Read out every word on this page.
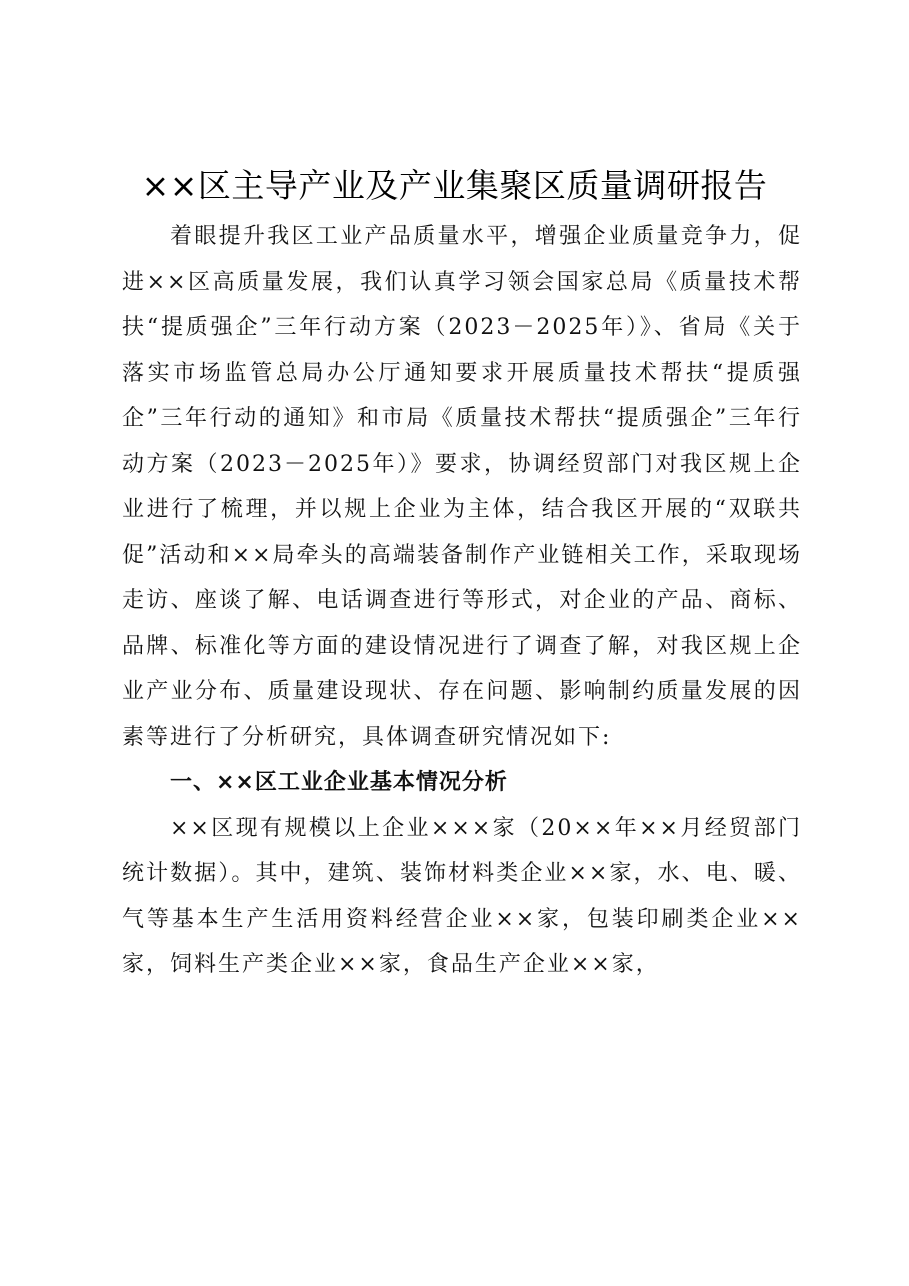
××区主导产业及产业集聚区质量调研报告

着眼提升我区工业产品质量水平，增强企业质量竞争力，促进××区高质量发展，我们认真学习领会国家总局《质量技术帮扶“提质强企”三年行动方案（2023－2025年）》、省局《关于落实市场监管总局办公厅通知要求开展质量技术帮扶“提质强企”三年行动的通知》和市局《质量技术帮扶“提质强企”三年行动方案（2023－2025年）》要求，协调经贸部门对我区规上企业进行了梳理，并以规上企业为主体，结合我区开展的“双联共促”活动和××局牵头的高端装备制作产业链相关工作，采取现场走访、座谈了解、电话调查进行等形式，对企业的产品、商标、品牌、标准化等方面的建设情况进行了调查了解，对我区规上企业产业分布、质量建设现状、存在问题、影响制约质量发展的因素等进行了分析研究，具体调查研究情况如下:

一、××区工业企业基本情况分析

××区现有规模以上企业×××家（20××年××月经贸部门统计数据）。其中，建筑、装饰材料类企业××家，水、电、暖、气等基本生产生活用资料经营企业××家，包装印刷类企业××家，饲料生产类企业××家，食品生产企业××家，
